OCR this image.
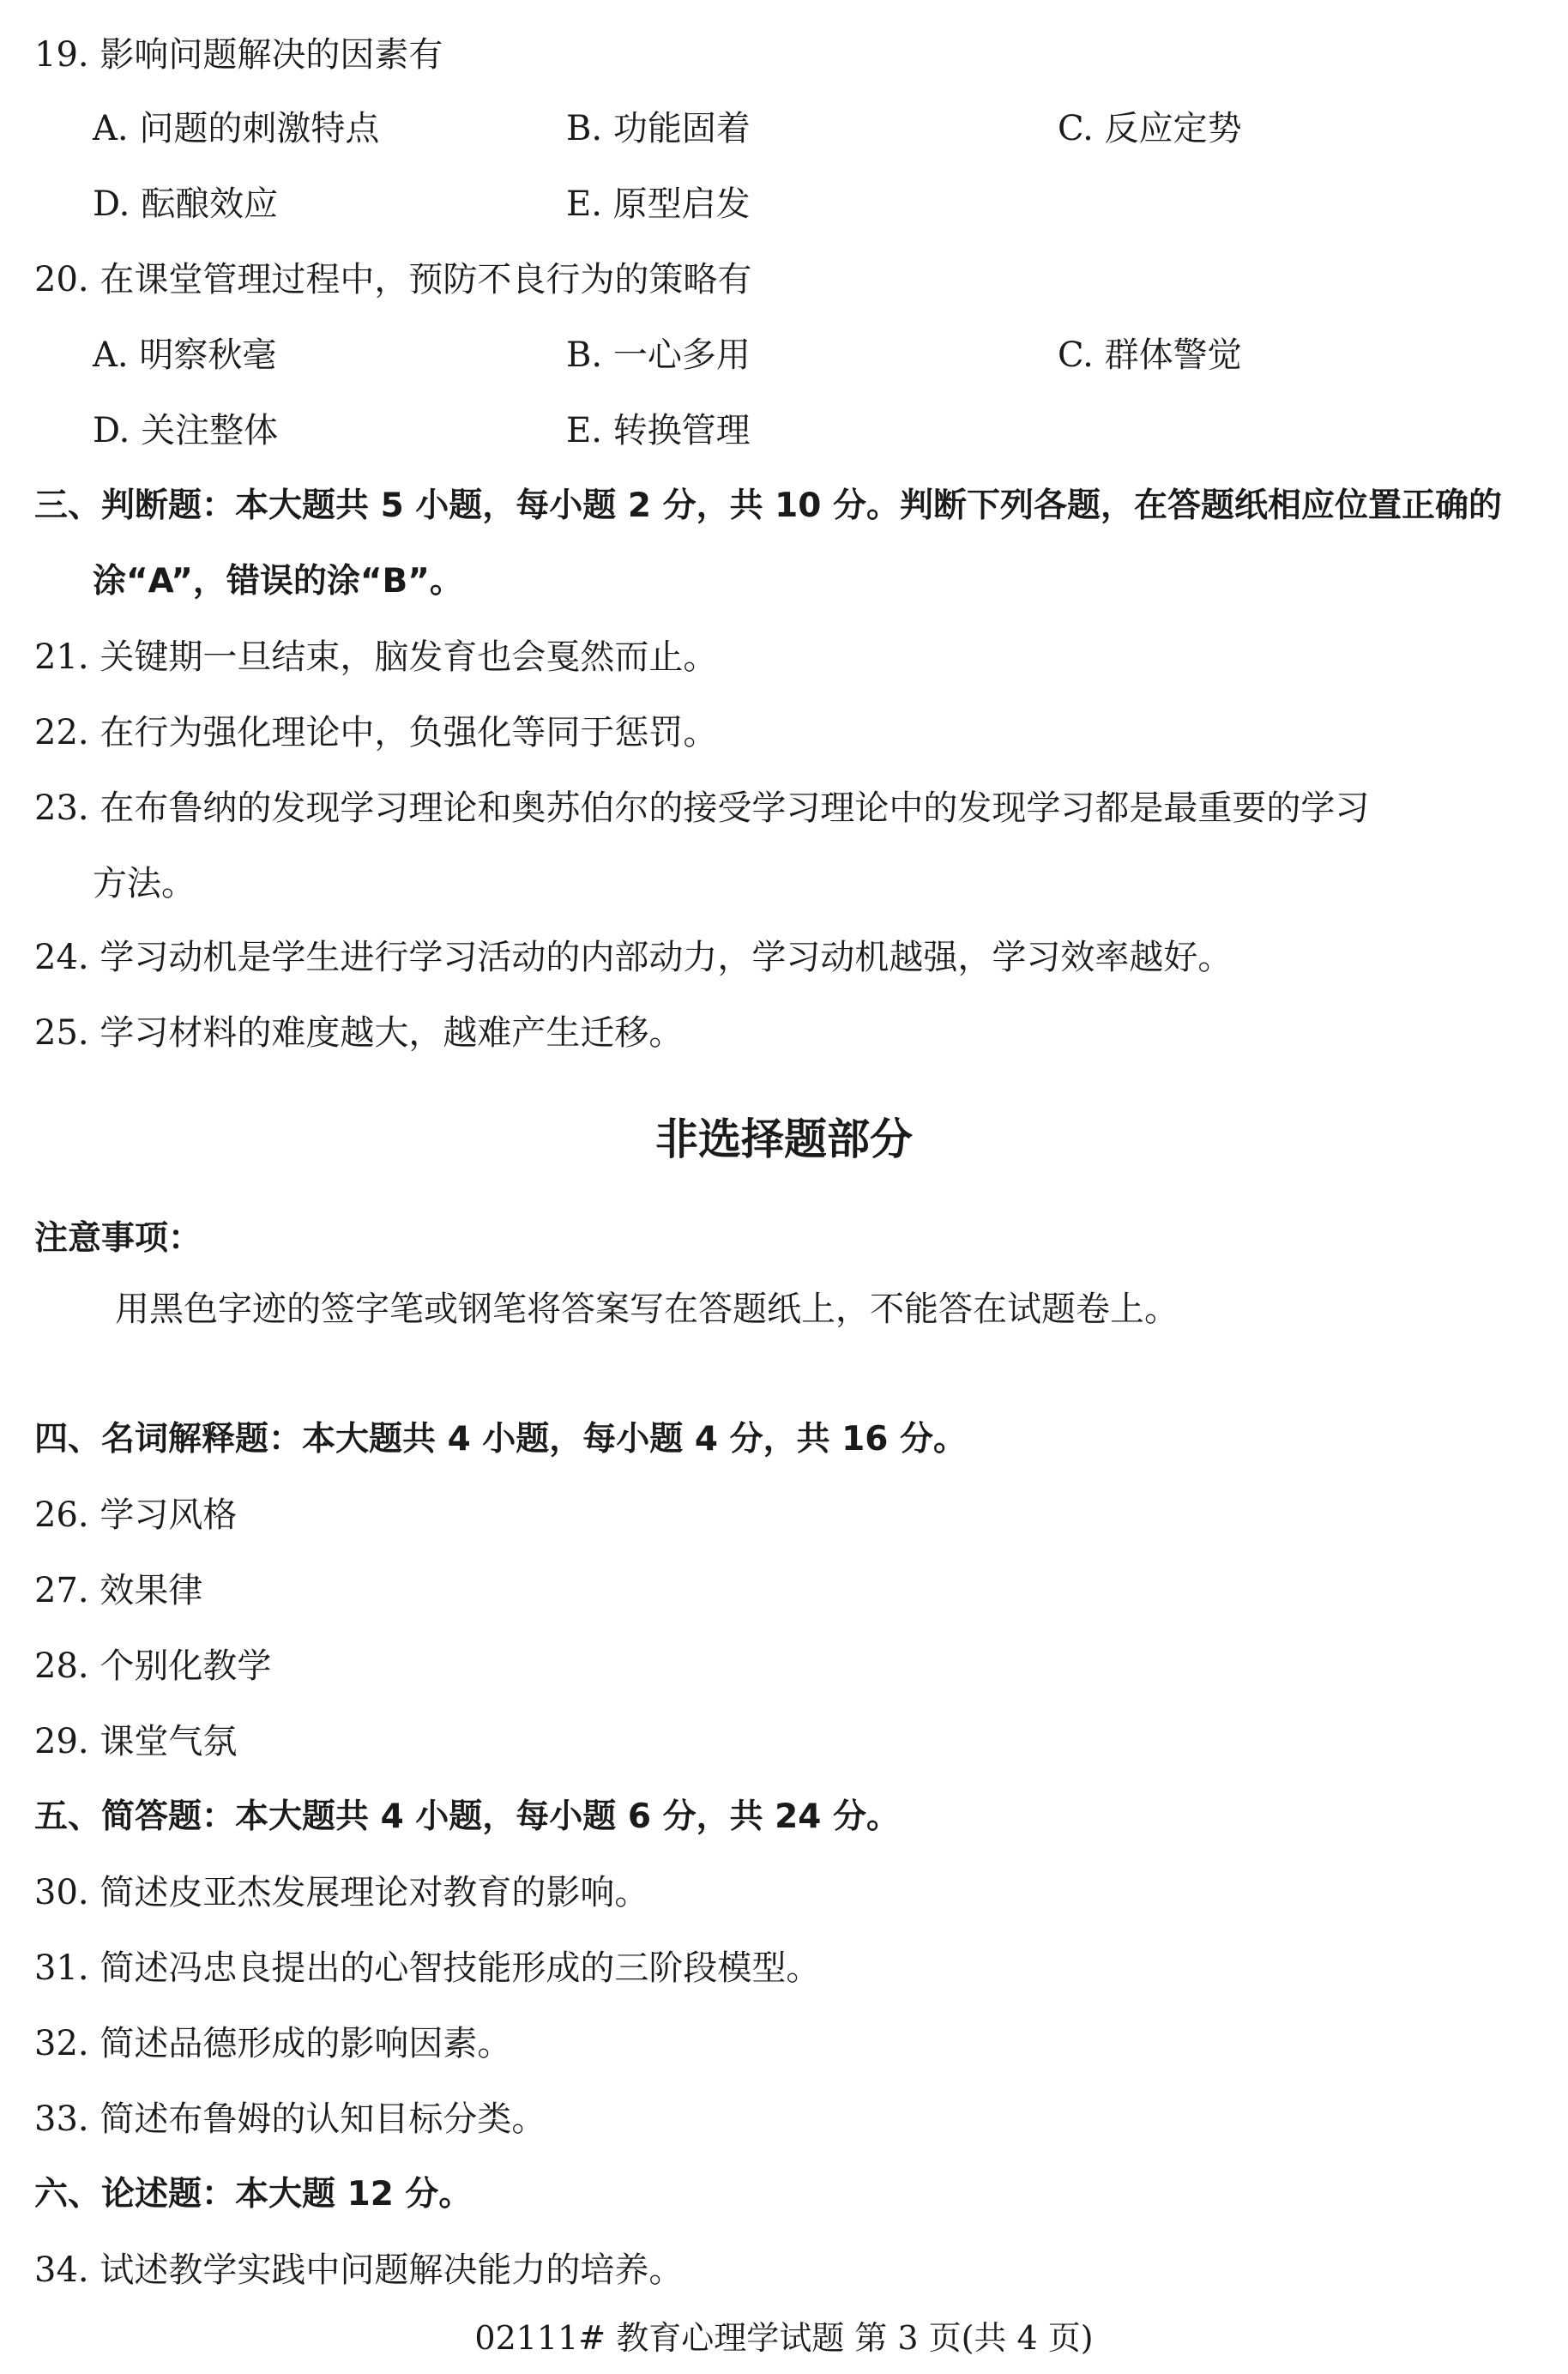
19. 影响问题解决的因素有
A. 问题的刺激特点	B. 功能固着	C. 反应定势
D. 酝酿效应	E. 原型启发
20. 在课堂管理过程中，预防不良行为的策略有
A. 明察秋毫	B. 一心多用	C. 群体警觉
D. 关注整体	E. 转换管理
三、判断题：本大题共 5 小题，每小题 2 分，共 10 分。判断下列各题，在答题纸相应位置正确的
涂“A”，错误的涂“B”。
21. 关键期一旦结束，脑发育也会戛然而止。
22. 在行为强化理论中，负强化等同于惩罚。
23. 在布鲁纳的发现学习理论和奥苏伯尔的接受学习理论中的发现学习都是最重要的学习
方法。
24. 学习动机是学生进行学习活动的内部动力，学习动机越强，学习效率越好。
25. 学习材料的难度越大，越难产生迁移。
非选择题部分
注意事项：
用黑色字迹的签字笔或钢笔将答案写在答题纸上，不能答在试题卷上。
四、名词解释题：本大题共 4 小题，每小题 4 分，共 16 分。
26. 学习风格
27. 效果律
28. 个别化教学
29. 课堂气氛
五、简答题：本大题共 4 小题，每小题 6 分，共 24 分。
30. 简述皮亚杰发展理论对教育的影响。
31. 简述冯忠良提出的心智技能形成的三阶段模型。
32. 简述品德形成的影响因素。
33. 简述布鲁姆的认知目标分类。
六、论述题：本大题 12 分。
34. 试述教学实践中问题解决能力的培养。
02111# 教育心理学试题 第 3 页(共 4 页)
